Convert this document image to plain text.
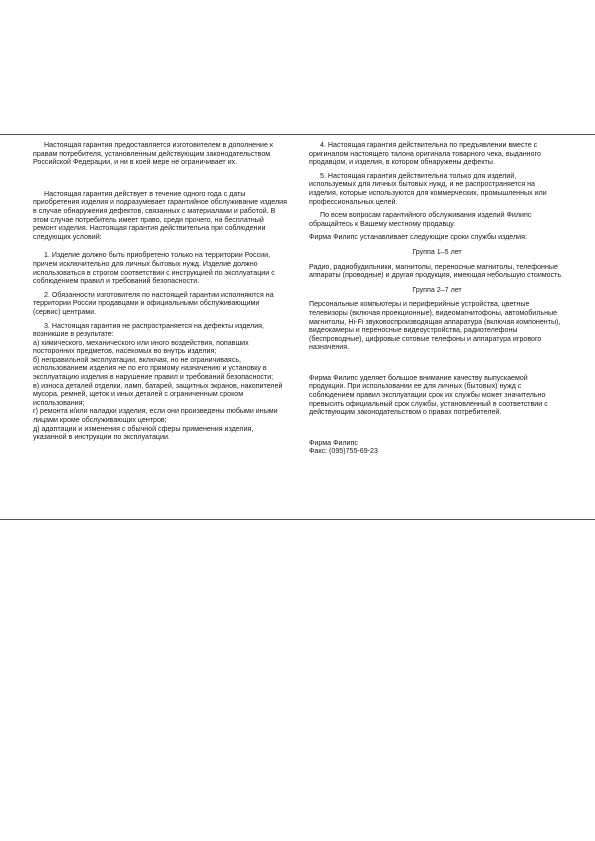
Настоящая гарантия предоставляется изготовителем в дополнение к правам потребителя, установленным действующим законодательством Российской Федерации, и ни в коей мере не ограничивает их.

Настоящая гарантия действует в течение одного года с даты приобретения изделия и подразумевает гарантийное обслуживание изделия в случае обнаружения дефектов, связанных с материалами и работой. В этом случае потребитель имеет право, среди прочего, на бесплатный ремонт изделия. Настоящая гарантия действительна при соблюдении следующих условий:

1. Изделие должно быть приобретено только на территории России, причем исключительно для личных бытовых нужд. Изделие должно использоваться в строгом соответствии с инструкцией по эксплуатации с соблюдением правил и требований безопасности.

2. Обязанности изготовителя по настоящей гарантии исполняются на территории России продавцами и официальными обслуживающими (сервис) центрами.

3. Настоящая гарантия не распространяется на дефекты изделия, возникшие в результате:

а) химического, механического или иного воздействия, попавших посторонних предметов, насекомых во внутрь изделия;

б) неправильной эксплуатации, включая, но не ограничиваясь, использованием изделия не по его прямому назначению и установку в эксплуатацию изделия в нарушение правил и требований безопасности;

в) износа деталей отделки, ламп, батарей, защитных экранов, накопителей мусора, ремней, щеток и иных деталей с ограниченным сроком использования;

г) ремонта и/или наладки изделия, если они произведены любыми иными лицами кроме обслуживающих центров;

д) адаптации и изменения с обычной сферы применения изделия, указанной в инструкции по эксплуатации.

4. Настоящая гарантия действительна по предъявлении вместе с оригиналом настоящего талона оригинала товарного чека, выданного продавцом, и изделия, в котором обнаружены дефекты.

5. Настоящая гарантия действительна только для изделий, используемых для личных бытовых нужд, и не распространяется на изделия, которые используются для коммерческих, промышленных или профессиональных целей.

По всем вопросам гарантийного обслуживания изделий Филипс обращайтесь к Вашему местному продавцу.

Фирма Филипс устанавливает следующие сроки службы изделия:

Группа 1–5 лет

Радио, радиобудильники, магнитолы, переносные магнитолы, телефонные аппараты (проводные) и другая продукция, имеющая небольшую стоимость.

Группа 2–7 лет

Персональные компьютеры и периферийные устройства, цветные телевизоры (включая проекционные), видеомагнитофоны, автомобильные магнитолы, Hi-Fi звуковоспроизводящая аппаратура (включая компоненты), видеокамеры и переносные видеоустройства, радиотелефоны (беспроводные), цифровые сотовые телефоны и аппаратура игрового назначения.

Фирма Филипс уделяет большое внимание качеству выпускаемой продукции. При использовании ее для личных (бытовых) нужд с соблюдением правил эксплуатации срок их службы может значительно превысить официальный срок службы, установленный в соответствии с действующим законодательством о правах потребителей.

Фирма Филипс

Факс: (095)755-69-23
